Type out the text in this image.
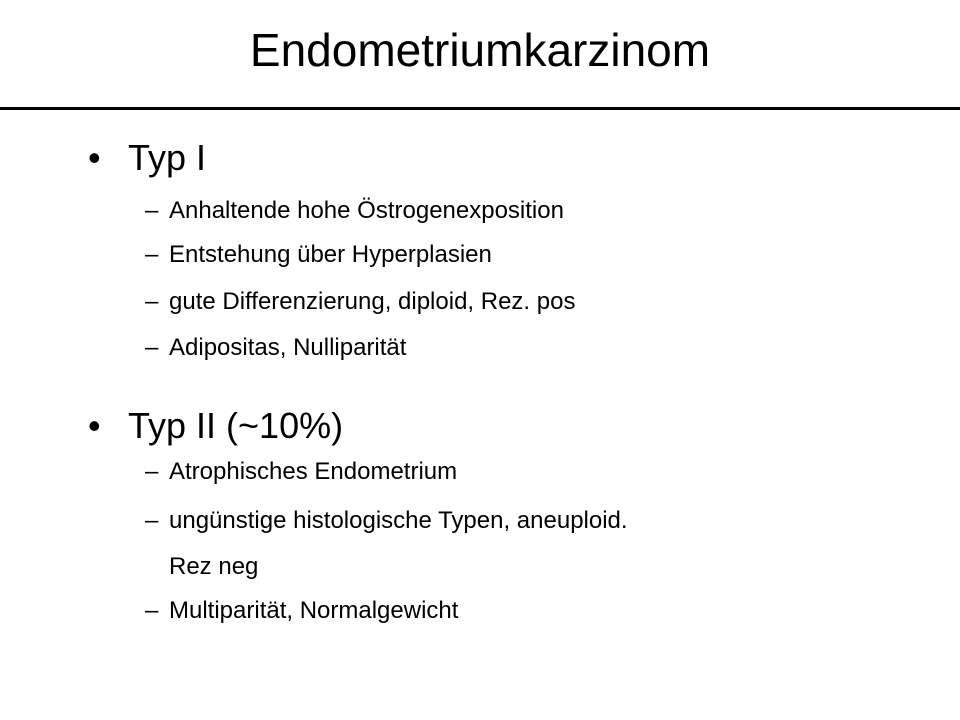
Endometriumkarzinom
• Typ I
– Anhaltende hohe Östrogenexposition
– Entstehung über Hyperplasien
– gute Differenzierung, diploid, Rez. pos
– Adipositas, Nulliparität
• Typ II (~10%)
– Atrophisches Endometrium
– ungünstige histologische Typen, aneuploid.
Rez neg
– Multiparität, Normalgewicht
